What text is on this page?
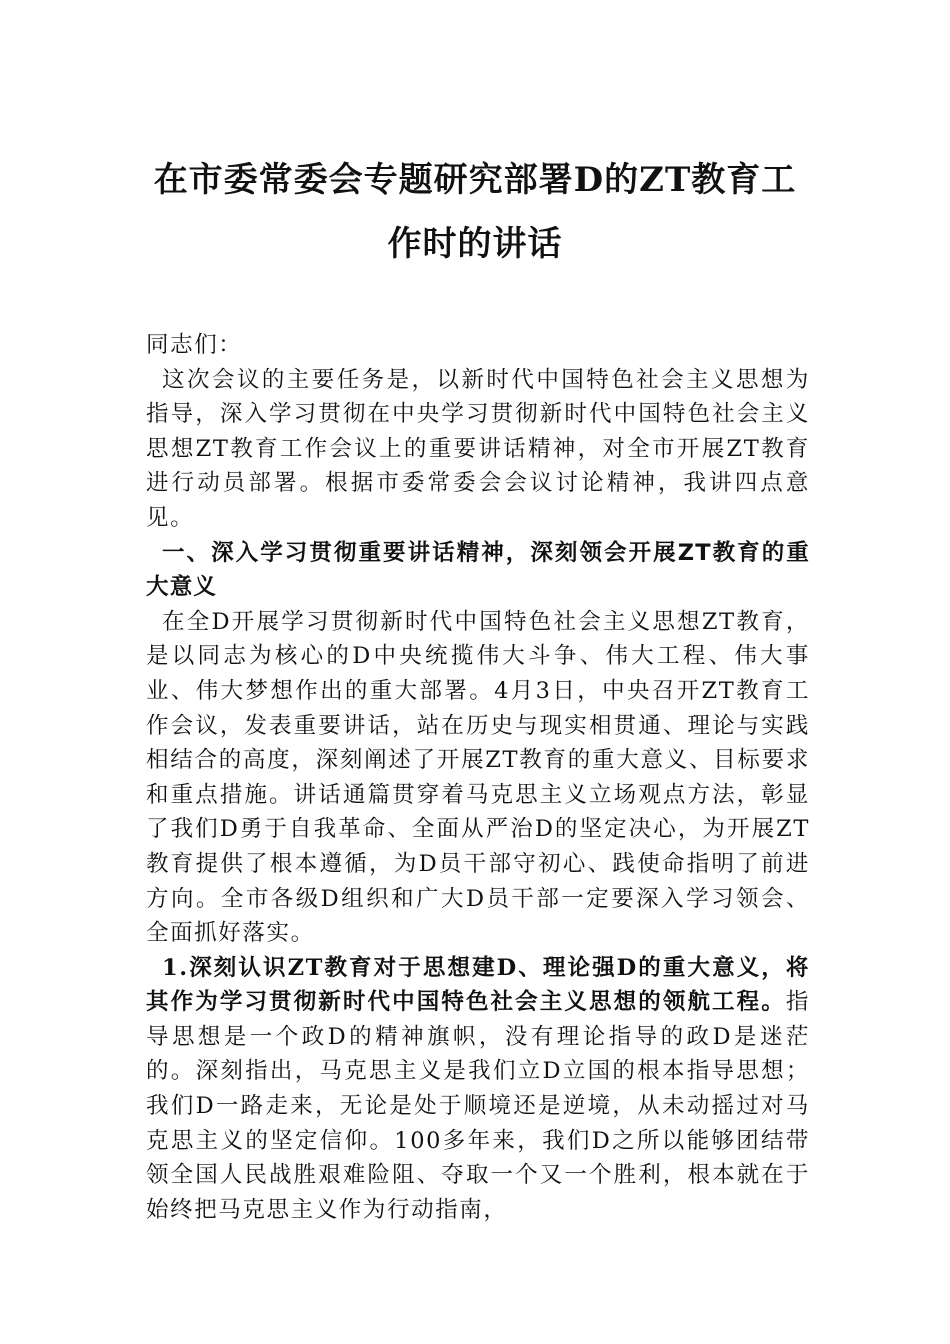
在市委常委会专题研究部署D的ZT教育工
作时的讲话

同志们：

这次会议的主要任务是，以新时代中国特色社会主义思想为指导，深入学习贯彻在中央学习贯彻新时代中国特色社会主义思想ZT教育工作会议上的重要讲话精神，对全市开展ZT教育进行动员部署。根据市委常委会会议讨论精神，我讲四点意见。

一、深入学习贯彻重要讲话精神，深刻领会开展ZT教育的重大意义

在全D开展学习贯彻新时代中国特色社会主义思想ZT教育，是以同志为核心的D中央统揽伟大斗争、伟大工程、伟大事业、伟大梦想作出的重大部署。4月3日，中央召开ZT教育工作会议，发表重要讲话，站在历史与现实相贯通、理论与实践相结合的高度，深刻阐述了开展ZT教育的重大意义、目标要求和重点措施。讲话通篇贯穿着马克思主义立场观点方法，彰显了我们D勇于自我革命、全面从严治D的坚定决心，为开展ZT教育提供了根本遵循，为D员干部守初心、践使命指明了前进方向。全市各级D组织和广大D员干部一定要深入学习领会、全面抓好落实。

1.深刻认识ZT教育对于思想建D、理论强D的重大意义，将其作为学习贯彻新时代中国特色社会主义思想的领航工程。指导思想是一个政D的精神旗帜，没有理论指导的政D是迷茫的。深刻指出，马克思主义是我们立D立国的根本指导思想；我们D一路走来，无论是处于顺境还是逆境，从未动摇过对马克思主义的坚定信仰。100多年来，我们D之所以能够团结带领全国人民战胜艰难险阻、夺取一个又一个胜利，根本就在于始终把马克思主义作为行动指南，
